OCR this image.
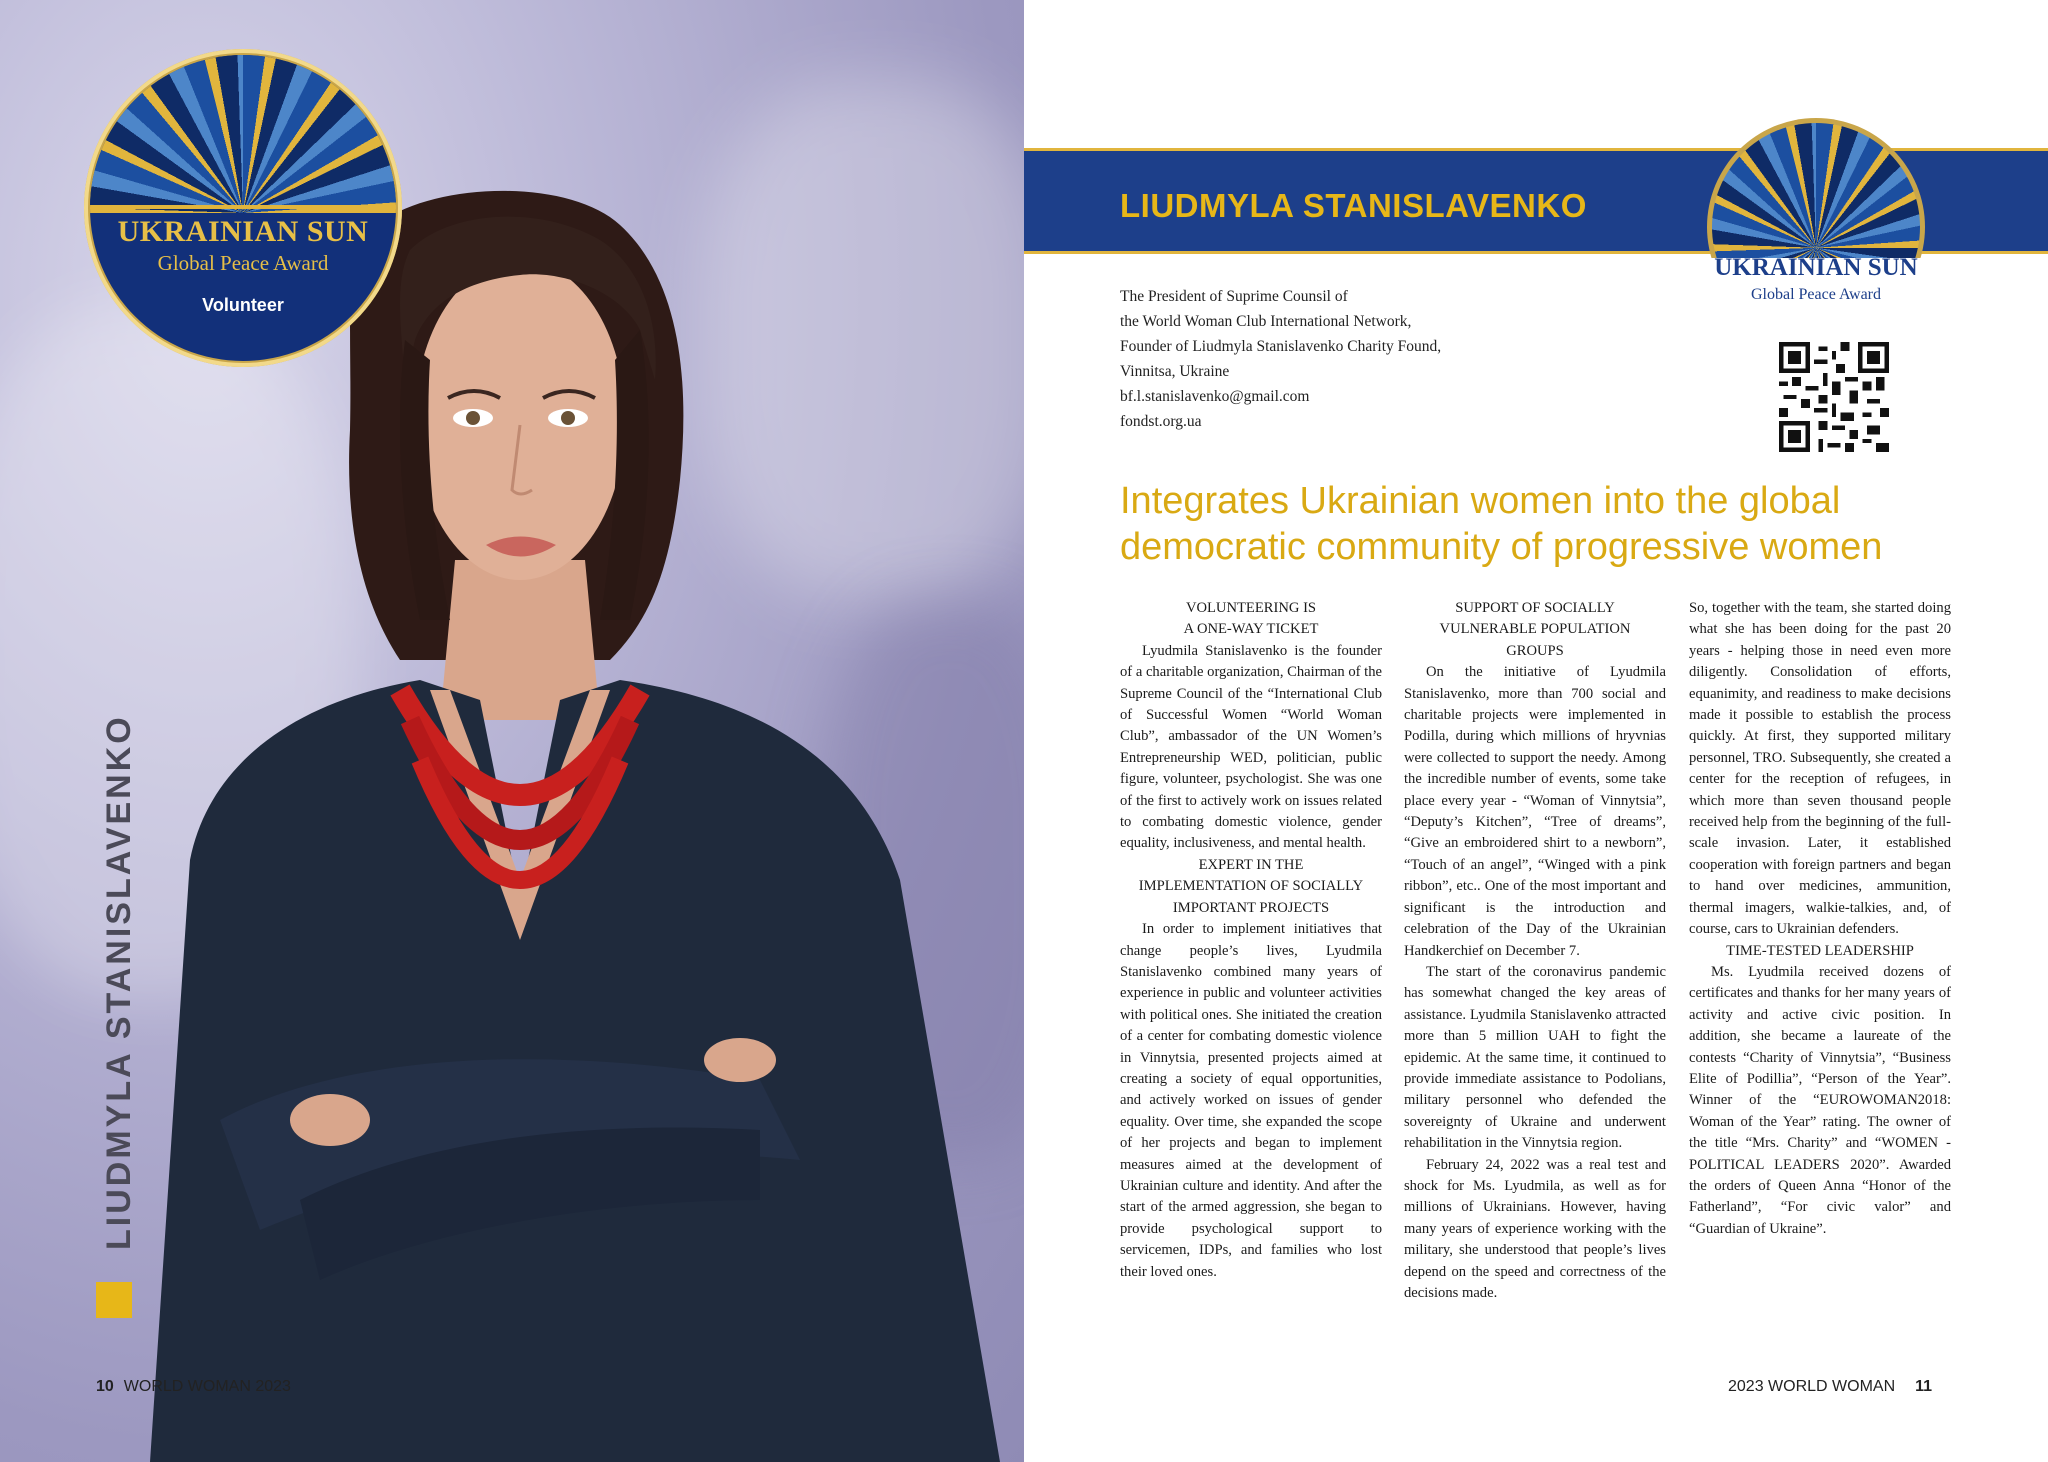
UKRAINIAN SUN
Global Peace Award
Volunteer
LIUDMYLA STANISLAVENKO
10 WORLD WOMAN 2023
LIUDMYLA STANISLAVENKO
UKRAINIAN SUN
Global Peace Award
The President of Suprime Counsil of
the World Woman Club International Network,
Founder of Liudmyla Stanislavenko Charity Found,
Vinnitsa, Ukraine
bf.l.stanislavenko@gmail.com
fondst.org.ua
Integrates Ukrainian women into the global democratic community of progressive women

VOLUNTEERING IS
A ONE-WAY TICKET

Lyudmila Stanislavenko is the founder of a charitable organization, Chairman of the Supreme Council of the “International Club of Successful Women “World Woman Club”, ambassador of the UN Women’s Entrepreneurship WED, politician, public figure, volunteer, psychologist. She was one of the first to actively work on issues related to combating domestic violence, gender equality, inclusiveness, and mental health.

EXPERT IN THE
IMPLEMENTATION OF SOCIALLY
IMPORTANT PROJECTS

In order to implement initiatives that change people’s lives, Lyudmila Stanislavenko combined many years of experience in public and volunteer activities with political ones. She initiated the creation of a center for combating domestic violence in Vinnytsia, presented projects aimed at creating a society of equal opportunities, and actively worked on issues of gender equality. Over time, she expanded the scope of her projects and began to implement measures aimed at the development of Ukrainian culture and identity. And after the start of the armed aggression, she began to provide psychological support to servicemen, IDPs, and families who lost their loved ones.

SUPPORT OF SOCIALLY
VULNERABLE POPULATION
GROUPS

On the initiative of Lyudmila Stanislavenko, more than 700 social and charitable projects were implemented in Podilla, during which millions of hryvnias were collected to support the needy. Among the incredible number of events, some take place every year - “Woman of Vinnytsia”, “Deputy’s Kitchen”, “Tree of dreams”, “Give an embroidered shirt to a newborn”, “Touch of an angel”, “Winged with a pink ribbon”, etc.. One of the most important and significant is the introduction and celebration of the Day of the Ukrainian Handkerchief on December 7.

The start of the coronavirus pandemic has somewhat changed the key areas of assistance. Lyudmila Stanislavenko attracted more than 5 million UAH to fight the epidemic. At the same time, it continued to provide immediate assistance to Podolians, military personnel who defended the sovereignty of Ukraine and underwent rehabilitation in the Vinnytsia region.

February 24, 2022 was a real test and shock for Ms. Lyudmila, as well as for millions of Ukrainians. However, having many years of experience working with the military, she understood that people’s lives depend on the speed and correctness of the decisions made.

So, together with the team, she started doing what she has been doing for the past 20 years - helping those in need even more diligently. Consolidation of efforts, equanimity, and readiness to make decisions made it possible to establish the process quickly. At first, they supported military personnel, TRO. Subsequently, she created a center for the reception of refugees, in which more than seven thousand people received help from the beginning of the full-scale invasion. Later, it established cooperation with foreign partners and began to hand over medicines, ammunition, thermal imagers, walkie-talkies, and, of course, cars to Ukrainian defenders.

TIME-TESTED LEADERSHIP

Ms. Lyudmila received dozens of certificates and thanks for her many years of activity and active civic position. In addition, she became a laureate of the contests “Charity of Vinnytsia”, “Business Elite of Podillia”, “Person of the Year”. Winner of the “EUROWOMAN2018: Woman of the Year” rating. The owner of the title “Mrs. Charity” and “WOMEN - POLITICAL LEADERS 2020”. Awarded the orders of Queen Anna “Honor of the Fatherland”, “For civic valor” and “Guardian of Ukraine”.

2023 WORLD WOMAN 11
